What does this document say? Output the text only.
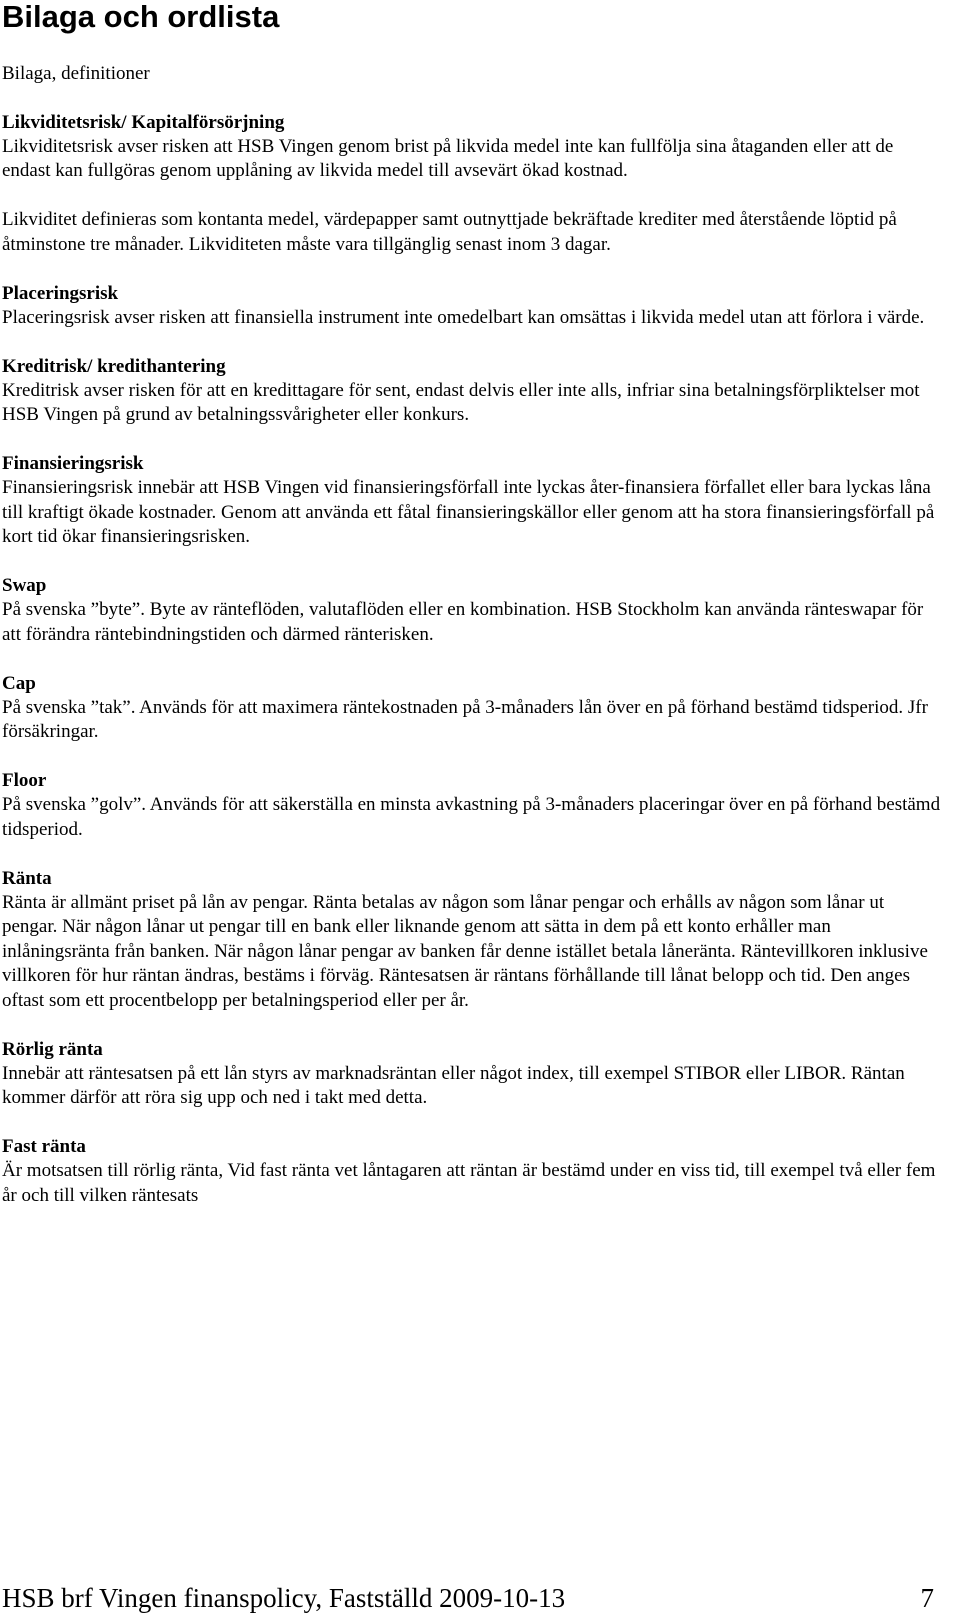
Bilaga och ordlista
Bilaga, definitioner
Likviditetsrisk/ Kapitalförsörjning
Likviditetsrisk avser risken att HSB Vingen genom brist på likvida medel inte kan fullfölja sina åtaganden eller att de endast kan fullgöras genom upplåning av likvida medel till avsevärt ökad kostnad.
Likviditet definieras som kontanta medel, värdepapper samt outnyttjade bekräftade krediter med återstående löptid på åtminstone tre månader. Likviditeten måste vara tillgänglig senast inom 3 dagar.
Placeringsrisk
Placeringsrisk avser risken att finansiella instrument inte omedelbart kan omsättas i likvida medel utan att förlora i värde.
Kreditrisk/ kredithantering
Kreditrisk avser risken för att en kredittagare för sent, endast delvis eller inte alls, infriar sina betalningsförpliktelser mot HSB Vingen på grund av betalningssvårigheter eller konkurs.
Finansieringsrisk
Finansieringsrisk innebär att HSB Vingen vid finansieringsförfall inte lyckas åter-finansiera förfallet eller bara lyckas låna till kraftigt ökade kostnader. Genom att använda ett fåtal finansieringskällor eller genom att ha stora finansieringsförfall på kort tid ökar finansieringsrisken.
Swap
På svenska ”byte”. Byte av ränteflöden, valutaflöden eller en kombination. HSB Stockholm kan använda ränteswapar för att förändra räntebindningstiden och därmed ränterisken.
Cap
På svenska ”tak”. Används för att maximera räntekostnaden på 3-månaders lån över en på förhand bestämd tidsperiod. Jfr försäkringar.
Floor
På svenska ”golv”. Används för att säkerställa en minsta avkastning på 3-månaders placeringar över en på förhand bestämd tidsperiod.
Ränta
Ränta är allmänt priset på lån av pengar. Ränta betalas av någon som lånar pengar och erhålls av någon som lånar ut pengar. När någon lånar ut pengar till en bank eller liknande genom att sätta in dem på ett konto erhåller man inlåningsränta från banken. När någon lånar pengar av banken får denne istället betala låneränta. Räntevillkoren inklusive villkoren för hur räntan ändras, bestäms i förväg. Räntesatsen är räntans förhållande till lånat belopp och tid. Den anges oftast som ett procentbelopp per betalningsperiod eller per år.
Rörlig ränta
Innebär att räntesatsen på ett lån styrs av marknadsräntan eller något index, till exempel STIBOR eller LIBOR. Räntan kommer därför att röra sig upp och ned i takt med detta.
Fast ränta
Är motsatsen till rörlig ränta, Vid fast ränta vet låntagaren att räntan är bestämd under en viss tid, till exempel två eller fem år och till vilken räntesats
HSB brf Vingen finanspolicy, Fastställd 2009-10-13	7
